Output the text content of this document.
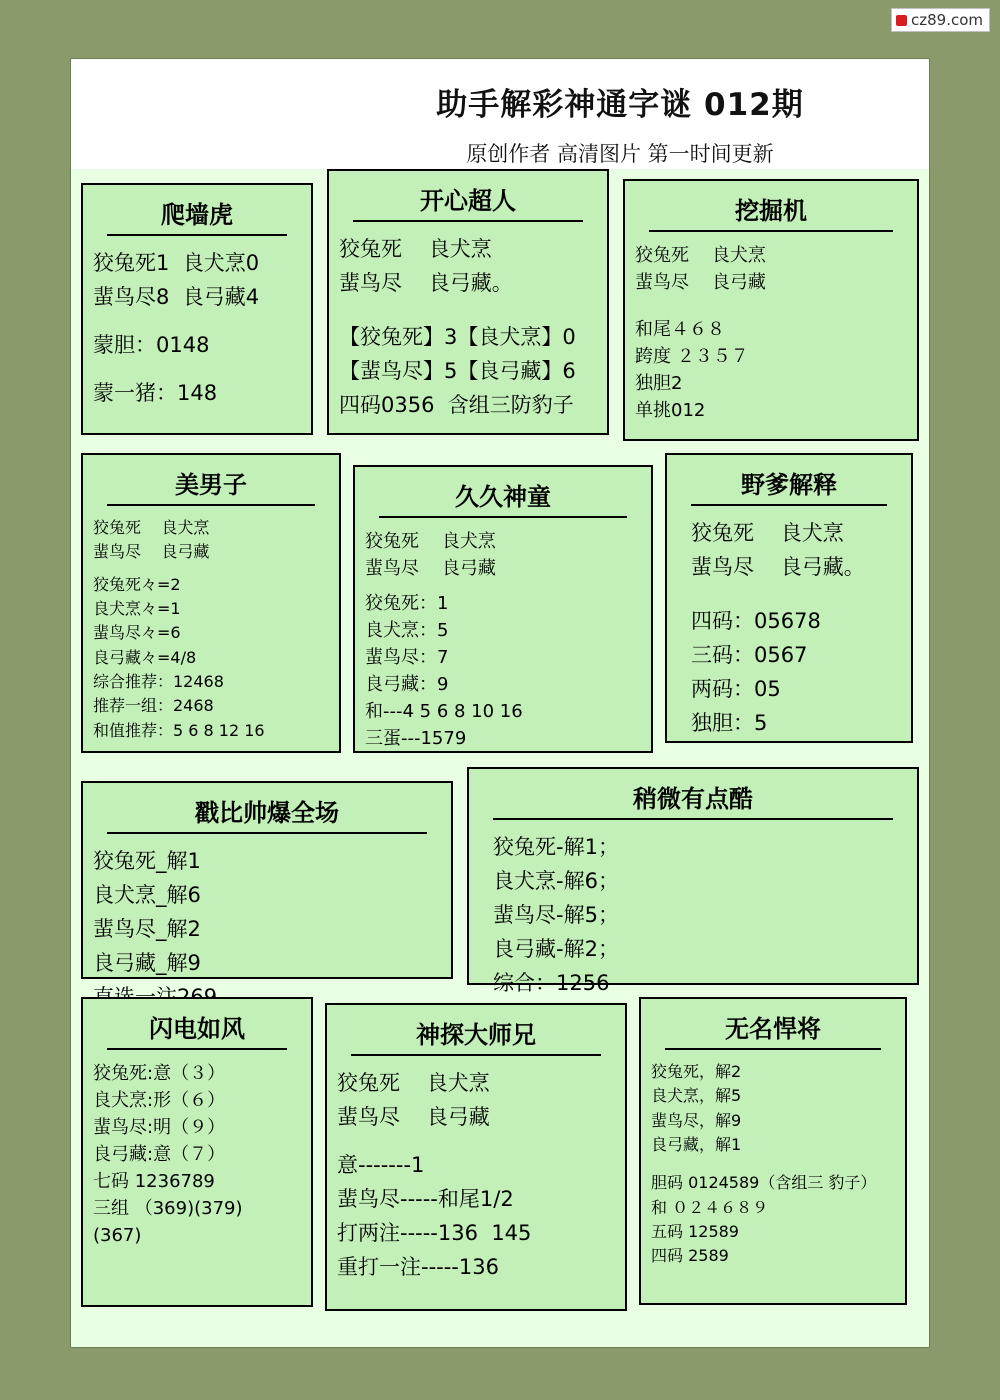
cz89.com
助手解彩神通字谜 012期
原创作者 高清图片 第一时间更新
爬墙虎
狡兔死1  良犬烹0
蜚鸟尽8  良弓藏4
蒙胆：0148
蒙一猪：148
开心超人
狡兔死    良犬烹
蜚鸟尽    良弓藏。
【狡兔死】3【良犬烹】0
【蜚鸟尽】5【良弓藏】6
四码0356  含组三防豹子
挖掘机
狡兔死    良犬烹
蜚鸟尽    良弓藏
和尾４６８
跨度 ２３５７
独胆2
单挑012
美男子
狡兔死    良犬烹
蜚鸟尽    良弓藏
狡兔死々=2
良犬烹々=1
蜚鸟尽々=6
良弓藏々=4/8
综合推荐：12468
推荐一组：2468
和值推荐：5 6 8 12 16
久久神童
狡兔死    良犬烹
蜚鸟尽    良弓藏
狡兔死：1
良犬烹：5
蜚鸟尽：7
良弓藏：9
和---4 5 6 8 10 16
三蛋---1579
野爹解释
狡兔死    良犬烹
蜚鸟尽    良弓藏。
四码：05678
三码：0567
两码：05
独胆：5
戳比帅爆全场
狡兔死_解1
良犬烹_解6
蜚鸟尽_解2
良弓藏_解9
稍微有点酷
狡兔死-解1；
良犬烹-解6；
蜚鸟尽-解5；
良弓藏-解2；
综合：1256
闪电如风
狡兔死:意（３）
良犬烹:形（６）
蜚鸟尽:明（９）
良弓藏:意（７）
七码 1236789
三组 （369)(379)
(367)
神探大师兄
狡兔死    良犬烹
蜚鸟尽    良弓藏
意-------1
蜚鸟尽-----和尾1/2
打两注-----136  145
重打一注-----136
无名悍将
狡兔死，解2
良犬烹，解5
蜚鸟尽，解9
良弓藏，解1
胆码 0124589（含组三 豹子）
和 ０２４６８９
五码 12589
四码 2589
